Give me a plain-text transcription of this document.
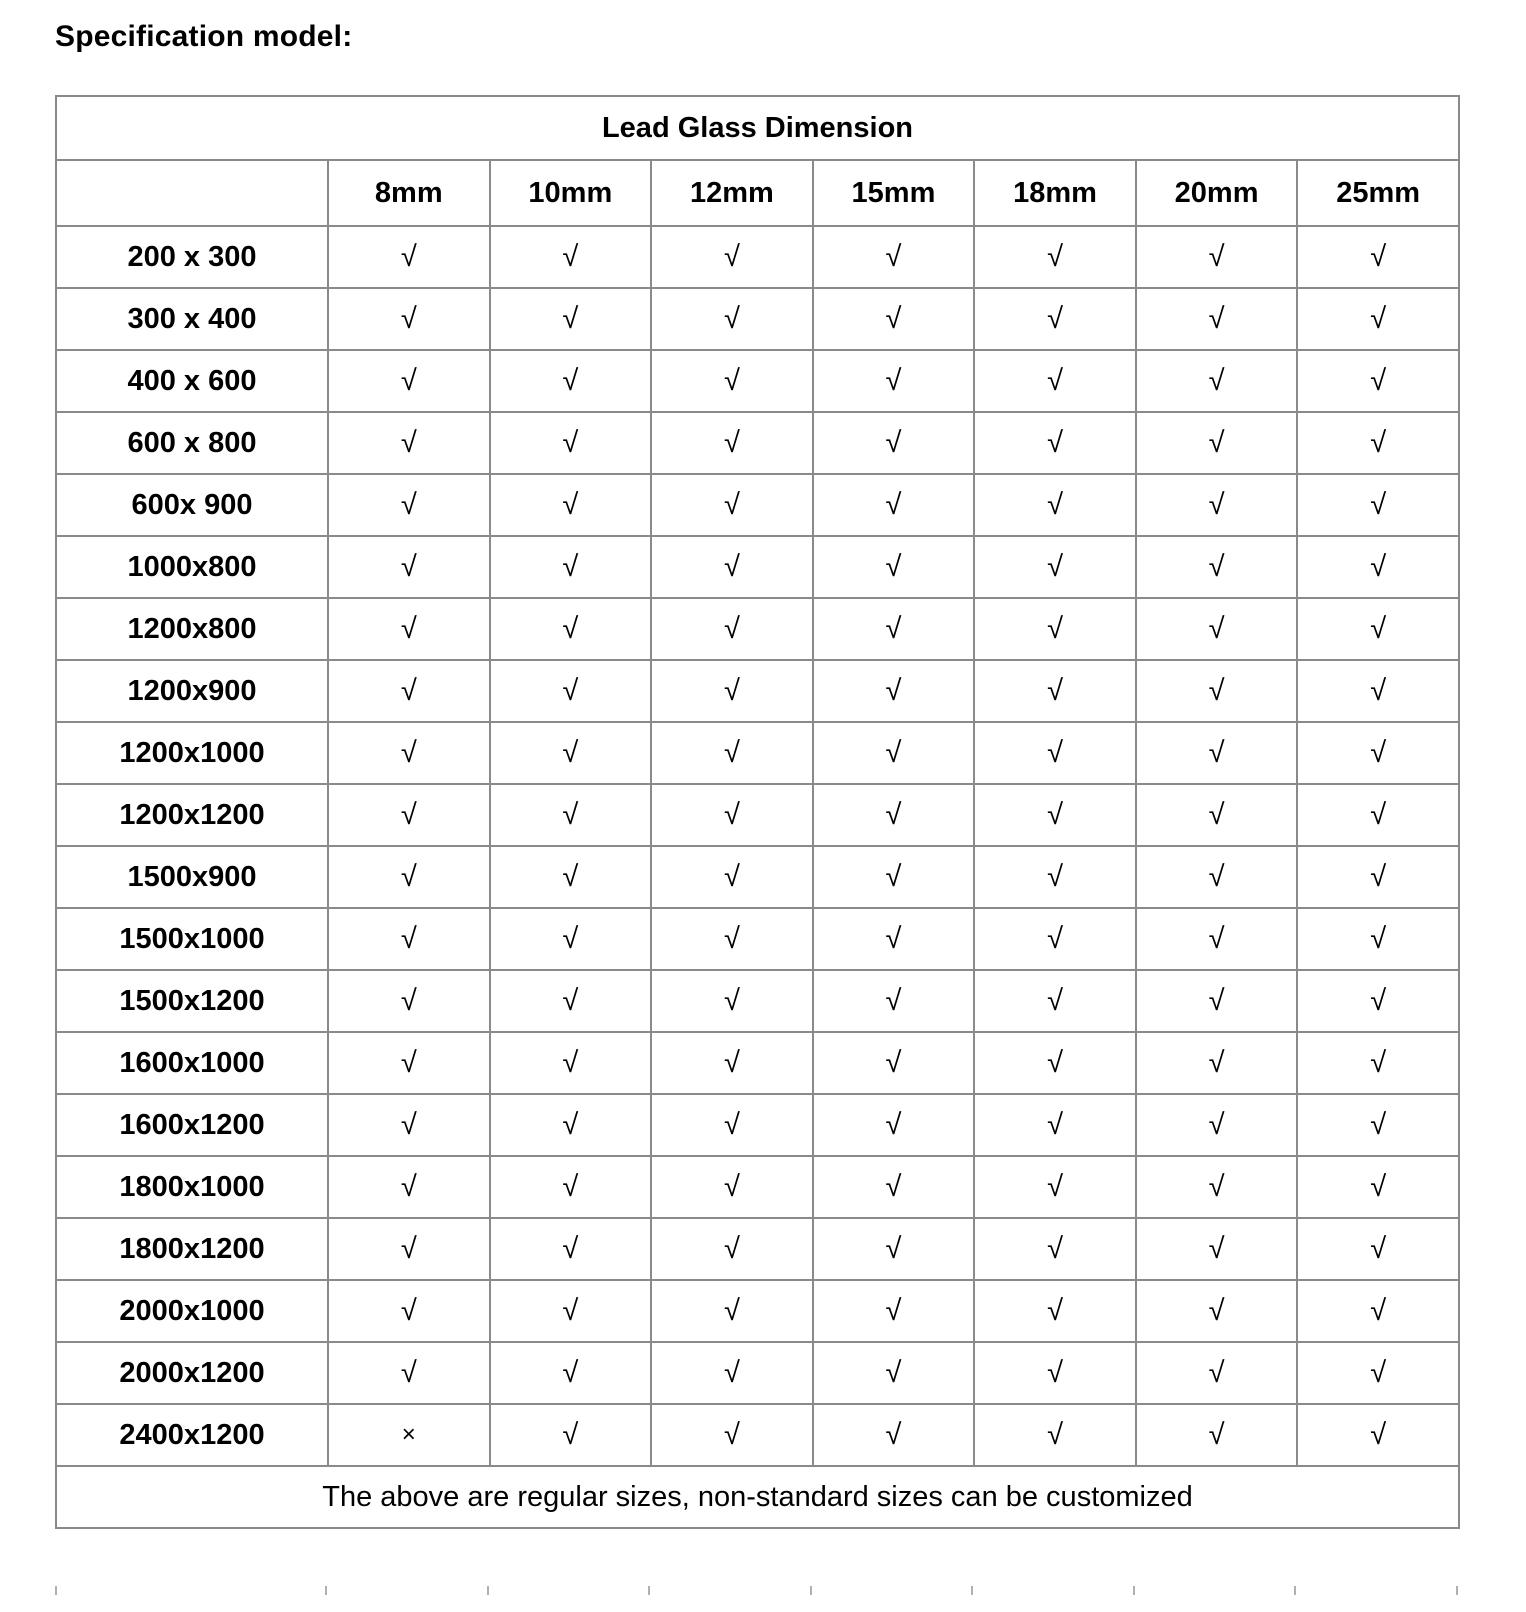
Specification model:
Lead Glass Dimension							
	8mm	10mm	12mm	15mm	18mm	20mm	25mm
200 x 300	√	√	√	√	√	√	√
300 x 400	√	√	√	√	√	√	√
400 x 600	√	√	√	√	√	√	√
600 x 800	√	√	√	√	√	√	√
600x 900	√	√	√	√	√	√	√
1000x800	√	√	√	√	√	√	√
1200x800	√	√	√	√	√	√	√
1200x900	√	√	√	√	√	√	√
1200x1000	√	√	√	√	√	√	√
1200x1200	√	√	√	√	√	√	√
1500x900	√	√	√	√	√	√	√
1500x1000	√	√	√	√	√	√	√
1500x1200	√	√	√	√	√	√	√
1600x1000	√	√	√	√	√	√	√
1600x1200	√	√	√	√	√	√	√
1800x1000	√	√	√	√	√	√	√
1800x1200	√	√	√	√	√	√	√
2000x1000	√	√	√	√	√	√	√
2000x1200	√	√	√	√	√	√	√
2400x1200	×	√	√	√	√	√	√
The above are regular sizes, non-standard sizes can be customized							
